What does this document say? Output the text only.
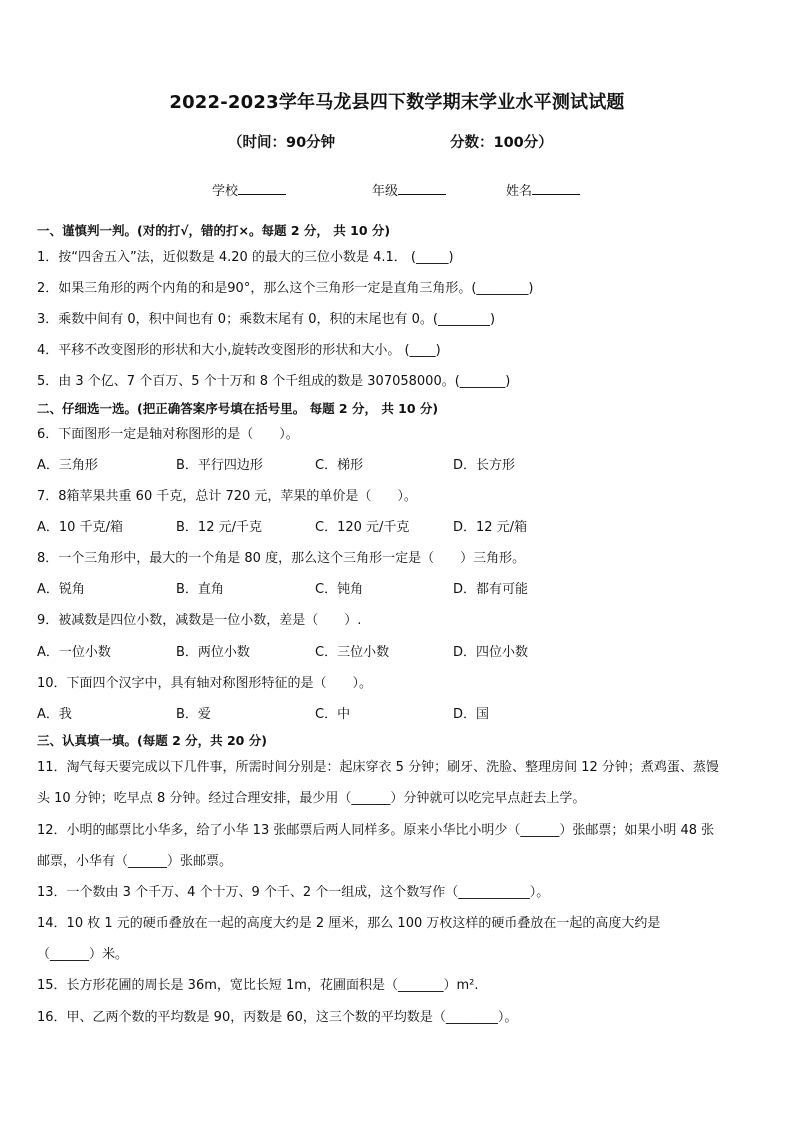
2022-2023学年马龙县四下数学期末学业水平测试试题
（时间：90分钟	分数：100分）
学校	年级	姓名
一、谨慎判一判。(对的打√，错的打×。每题 2 分， 共 10 分)
1．按“四舍五入”法，近似数是 4.20 的最大的三位小数是 4.1． (_____)
2．如果三角形的两个内角的和是90°，那么这个三角形一定是直角三角形。(________)
3．乘数中间有 0，积中间也有 0；乘数末尾有 0，积的末尾也有 0。(________)
4．平移不改变图形的形状和大小,旋转改变图形的形状和大小。 (____)
5．由 3 个亿、7 个百万、5 个十万和 8 个千组成的数是 307058000。(_______)
二、仔细选一选。(把正确答案序号填在括号里。 每题 2 分， 共 10 分)
6．下面图形一定是轴对称图形的是（　　）。
A．三角形	B．平行四边形	C．梯形	D．长方形
7．8箱苹果共重 60 千克，总计 720 元，苹果的单价是（　　）。
A．10 千克/箱	B．12 元/千克	C．120 元/千克	D．12 元/箱
8．一个三角形中，最大的一个角是 80 度，那么这个三角形一定是（　　）三角形。
A．锐角	B．直角	C．钝角	D．都有可能
9．被减数是四位小数，减数是一位小数，差是（　　）.
A．一位小数	B．两位小数	C．三位小数	D．四位小数
10．下面四个汉字中，具有轴对称图形特征的是（　　）。
A．我	B．爱	C．中	D．国
三、认真填一填。(每题 2 分，共 20 分)
11．淘气每天要完成以下几件事，所需时间分别是：起床穿衣 5 分钟；刷牙、洗脸、整理房间 12 分钟；煮鸡蛋、蒸馒
头 10 分钟；吃早点 8 分钟。经过合理安排，最少用（______）分钟就可以吃完早点赶去上学。
12．小明的邮票比小华多，给了小华 13 张邮票后两人同样多。原来小华比小明少（______）张邮票；如果小明 48 张
邮票，小华有（______）张邮票。
13．一个数由 3 个千万、4 个十万、9 个千、2 个一组成，这个数写作（___________）。
14．10 枚 1 元的硬币叠放在一起的高度大约是 2 厘米，那么 100 万枚这样的硬币叠放在一起的高度大约是
（______）米。
15．长方形花圃的周长是 36m，宽比长短 1m，花圃面积是（_______）m².
16．甲、乙两个数的平均数是 90，丙数是 60，这三个数的平均数是（________）。
